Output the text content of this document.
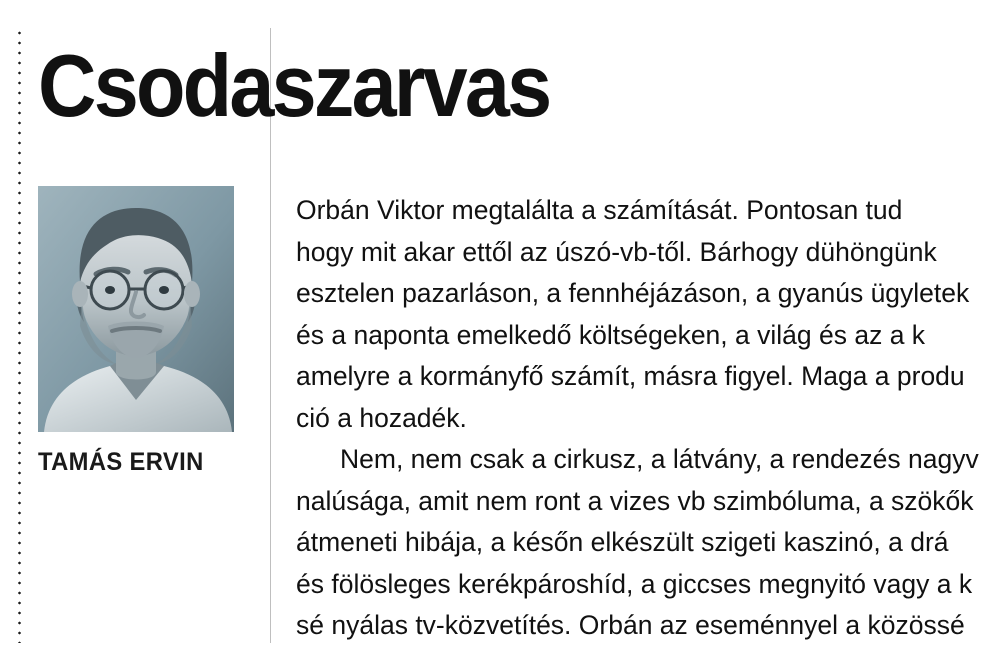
Csodaszarvas
TAMÁS ERVIN

Orbán Viktor megtalálta a számítását. Pontosan tud
hogy mit akar ettől az úszó-vb-től. Bárhogy dühöngünk
esztelen pazarláson, a fennhéjázáson, a gyanús ügyletek
és a naponta emelkedő költségeken, a világ és az a k
amelyre a kormányfő számít, másra figyel. Maga a produ
ció a hozadék.

Nem, nem csak a cirkusz, a látvány, a rendezés nagyv
nalúsága, amit nem ront a vizes vb szimbóluma, a szökők
átmeneti hibája, a későn elkészült szigeti kaszinó, a drá
és fölösleges kerékpároshíd, a giccses megnyitó vagy a k
sé nyálas tv-közvetítés. Orbán az eseménnyel a közössé
